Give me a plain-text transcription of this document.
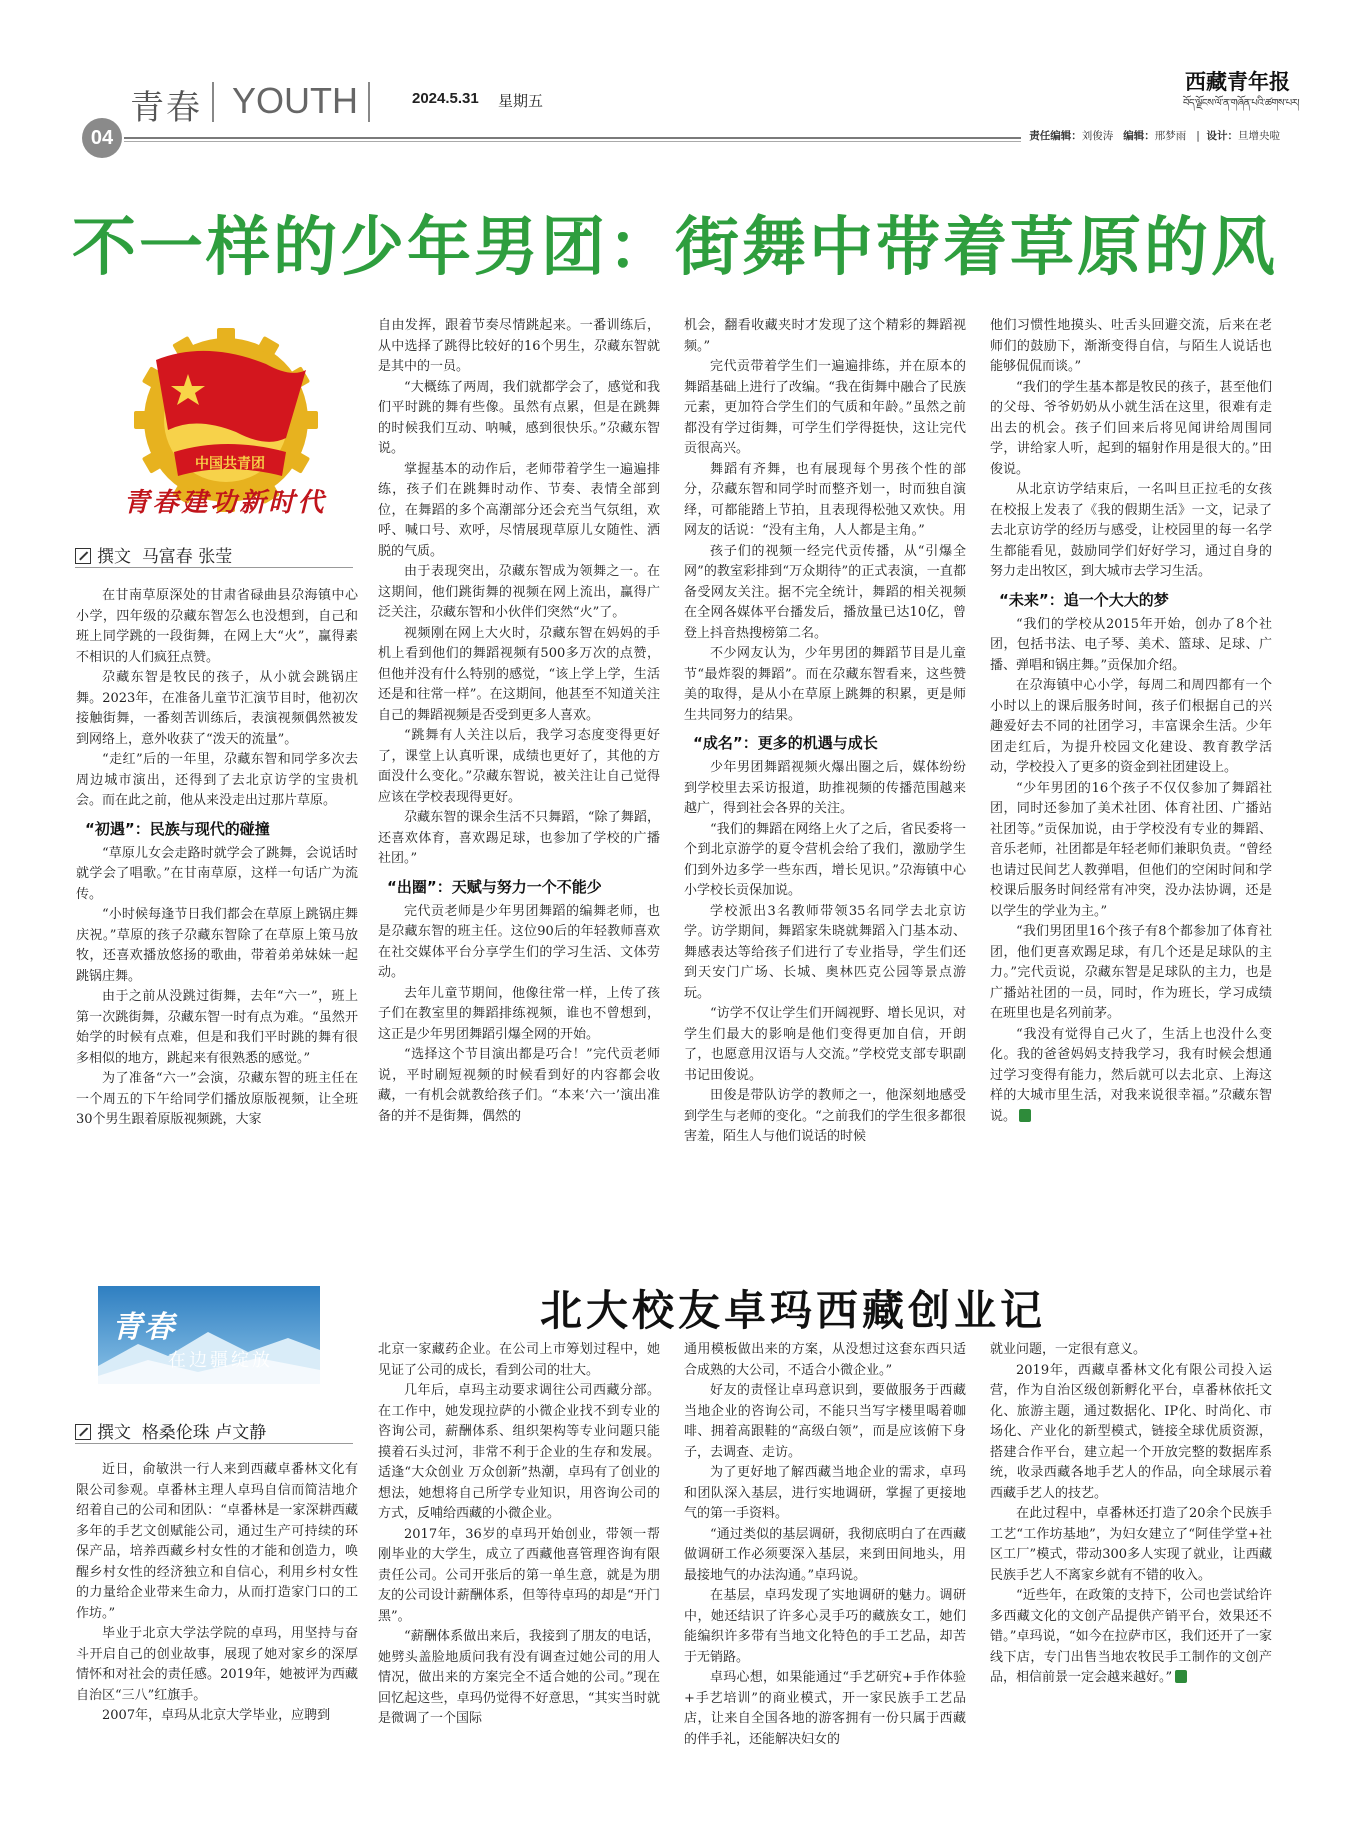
青春 YOUTH	2024.5.31 星期五
西藏青年报
བོད་ལྗོངས་ལོ་ན་གཞོན་པའི་ཚགས་པར།
04	责任编辑：刘俊涛 编辑：邢梦雨   |  设计：旦增央啦
不一样的少年男团：街舞中带着草原的风
中国共青团
青春建功新时代
撰文 马富春 张莹

在甘南草原深处的甘肃省碌曲县尕海镇中心小学，四年级的尕藏东智怎么也没想到，自己和班上同学跳的一段街舞，在网上大“火”，赢得素不相识的人们疯狂点赞。

尕藏东智是牧民的孩子，从小就会跳锅庄舞。2023年，在准备儿童节汇演节目时，他初次接触街舞，一番刻苦训练后，表演视频偶然被发到网络上，意外收获了“泼天的流量”。

“走红”后的一年里，尕藏东智和同学多次去周边城市演出，还得到了去北京访学的宝贵机会。而在此之前，他从来没走出过那片草原。

“初遇”：民族与现代的碰撞

“草原儿女会走路时就学会了跳舞，会说话时就学会了唱歌。”在甘南草原，这样一句话广为流传。

“小时候每逢节日我们都会在草原上跳锅庄舞庆祝。”草原的孩子尕藏东智除了在草原上策马放牧，还喜欢播放悠扬的歌曲，带着弟弟妹妹一起跳锅庄舞。

由于之前从没跳过街舞，去年“六一”，班上第一次跳街舞，尕藏东智一时有点为难。“虽然开始学的时候有点难，但是和我们平时跳的舞有很多相似的地方，跳起来有很熟悉的感觉。”

为了准备“六一”会演，尕藏东智的班主任在一个周五的下午给同学们播放原版视频，让全班30个男生跟着原版视频跳，大家

自由发挥，跟着节奏尽情跳起来。一番训练后，从中选择了跳得比较好的16个男生，尕藏东智就是其中的一员。

“大概练了两周，我们就都学会了，感觉和我们平时跳的舞有些像。虽然有点累，但是在跳舞的时候我们互动、呐喊，感到很快乐。”尕藏东智说。

掌握基本的动作后，老师带着学生一遍遍排练，孩子们在跳舞时动作、节奏、表情全部到位，在舞蹈的多个高潮部分还会充当气氛组，欢呼、喊口号、欢呼，尽情展现草原儿女随性、洒脱的气质。

由于表现突出，尕藏东智成为领舞之一。在这期间，他们跳街舞的视频在网上流出，赢得广泛关注，尕藏东智和小伙伴们突然“火”了。

视频刚在网上大火时，尕藏东智在妈妈的手机上看到他们的舞蹈视频有500多万次的点赞，但他并没有什么特别的感觉，“该上学上学，生活还是和往常一样”。在这期间，他甚至不知道关注自己的舞蹈视频是否受到更多人喜欢。

“跳舞有人关注以后，我学习态度变得更好了，课堂上认真听课，成绩也更好了，其他的方面没什么变化。”尕藏东智说，被关注让自己觉得应该在学校表现得更好。

尕藏东智的课余生活不只舞蹈，“除了舞蹈，还喜欢体育，喜欢踢足球，也参加了学校的广播社团。”

“出圈”：天赋与努力一个不能少

完代贡老师是少年男团舞蹈的编舞老师，也是尕藏东智的班主任。这位90后的年轻教师喜欢在社交媒体平台分享学生们的学习生活、文体劳动。

去年儿童节期间，他像往常一样，上传了孩子们在教室里的舞蹈排练视频，谁也不曾想到，这正是少年男团舞蹈引爆全网的开始。

“选择这个节目演出都是巧合！”完代贡老师说，平时刷短视频的时候看到好的内容都会收藏，一有机会就教给孩子们。“本来‘六一’演出准备的并不是街舞，偶然的

机会，翻看收藏夹时才发现了这个精彩的舞蹈视频。”

完代贡带着学生们一遍遍排练，并在原本的舞蹈基础上进行了改编。“我在街舞中融合了民族元素，更加符合学生们的气质和年龄。”虽然之前都没有学过街舞，可学生们学得挺快，这让完代贡很高兴。

舞蹈有齐舞，也有展现每个男孩个性的部分，尕藏东智和同学时而整齐划一，时而独自演绎，可都能踏上节拍，且表现得松弛又欢快。用网友的话说：“没有主角，人人都是主角。”

孩子们的视频一经完代贡传播，从“引爆全网”的教室彩排到“万众期待”的正式表演，一直都备受网友关注。据不完全统计，舞蹈的相关视频在全网各媒体平台播发后，播放量已达10亿，曾登上抖音热搜榜第二名。

不少网友认为，少年男团的舞蹈节目是儿童节“最炸裂的舞蹈”。而在尕藏东智看来，这些赞美的取得，是从小在草原上跳舞的积累，更是师生共同努力的结果。

“成名”：更多的机遇与成长

少年男团舞蹈视频火爆出圈之后，媒体纷纷到学校里去采访报道，助推视频的传播范围越来越广，得到社会各界的关注。

“我们的舞蹈在网络上火了之后，省民委将一个到北京游学的夏令营机会给了我们，激励学生们到外边多学一些东西，增长见识。”尕海镇中心小学校长贡保加说。

学校派出3名教师带领35名同学去北京访学。访学期间，舞蹈家朱晓就舞蹈入门基本动、舞感表达等给孩子们进行了专业指导，学生们还到天安门广场、长城、奥林匹克公园等景点游玩。

“访学不仅让学生们开阔视野、增长见识，对学生们最大的影响是他们变得更加自信，开朗了，也愿意用汉语与人交流。”学校党支部专职副书记田俊说。

田俊是带队访学的教师之一，他深刻地感受到学生与老师的变化。“之前我们的学生很多都很害羞，陌生人与他们说话的时候

他们习惯性地摸头、吐舌头回避交流，后来在老师们的鼓励下，渐渐变得自信，与陌生人说话也能够侃侃而谈。”

“我们的学生基本都是牧民的孩子，甚至他们的父母、爷爷奶奶从小就生活在这里，很难有走出去的机会。孩子们回来后将见闻讲给周围同学，讲给家人听，起到的辐射作用是很大的。”田俊说。

从北京访学结束后，一名叫旦正拉毛的女孩在校报上发表了《我的假期生活》一文，记录了去北京访学的经历与感受，让校园里的每一名学生都能看见，鼓励同学们好好学习，通过自身的努力走出牧区，到大城市去学习生活。

“未来”：追一个大大的梦

“我们的学校从2015年开始，创办了8个社团，包括书法、电子琴、美术、篮球、足球、广播、弹唱和锅庄舞。”贡保加介绍。

在尕海镇中心小学，每周二和周四都有一个小时以上的课后服务时间，孩子们根据自己的兴趣爱好去不同的社团学习，丰富课余生活。少年团走红后，为提升校园文化建设、教育教学活动，学校投入了更多的资金到社团建设上。

“少年男团的16个孩子不仅仅参加了舞蹈社团，同时还参加了美术社团、体育社团、广播站社团等。”贡保加说，由于学校没有专业的舞蹈、音乐老师，社团都是年轻老师们兼职负责。“曾经也请过民间艺人教弹唱，但他们的空闲时间和学校课后服务时间经常有冲突，没办法协调，还是以学生的学业为主。”

“我们男团里16个孩子有8个都参加了体育社团，他们更喜欢踢足球，有几个还是足球队的主力。”完代贡说，尕藏东智是足球队的主力，也是广播站社团的一员，同时，作为班长，学习成绩在班里也是名列前茅。

“我没有觉得自己火了，生活上也没什么变化。我的爸爸妈妈支持我学习，我有时候会想通过学习变得有能力，然后就可以去北京、上海这样的大城市里生活，对我来说很幸福。”尕藏东智说。

青春
在边疆绽放
北大校友卓玛西藏创业记
撰文 格桑伦珠 卢文静

近日，俞敏洪一行人来到西藏卓番林文化有限公司参观。卓番林主理人卓玛自信而简洁地介绍着自己的公司和团队：“卓番林是一家深耕西藏多年的手艺文创赋能公司，通过生产可持续的环保产品，培养西藏乡村女性的才能和创造力，唤醒乡村女性的经济独立和自信心，利用乡村女性的力量给企业带来生命力，从而打造家门口的工作坊。”

毕业于北京大学法学院的卓玛，用坚持与奋斗开启自己的创业故事，展现了她对家乡的深厚情怀和对社会的责任感。2019年，她被评为西藏自治区“三八”红旗手。

2007年，卓玛从北京大学毕业，应聘到

北京一家藏药企业。在公司上市筹划过程中，她见证了公司的成长，看到公司的壮大。

几年后，卓玛主动要求调往公司西藏分部。在工作中，她发现拉萨的小微企业找不到专业的咨询公司，薪酬体系、组织架构等专业问题只能摸着石头过河，非常不利于企业的生存和发展。适逢“大众创业 万众创新”热潮，卓玛有了创业的想法，她想将自己所学专业知识，用咨询公司的方式，反哺给西藏的小微企业。

2017年，36岁的卓玛开始创业，带领一帮刚毕业的大学生，成立了西藏他喜管理咨询有限责任公司。公司开张后的第一单生意，就是为朋友的公司设计薪酬体系，但等待卓玛的却是“开门黑”。

“薪酬体系做出来后，我接到了朋友的电话，她劈头盖脸地质问我有没有调查过她公司的用人情况，做出来的方案完全不适合她的公司。”现在回忆起这些，卓玛仍觉得不好意思，“其实当时就是微调了一个国际

通用模板做出来的方案，从没想过这套东西只适合成熟的大公司，不适合小微企业。”

好友的责怪让卓玛意识到，要做服务于西藏当地企业的咨询公司，不能只当写字楼里喝着咖啡、拥着高跟鞋的“高级白领”，而是应该俯下身子，去调查、走访。

为了更好地了解西藏当地企业的需求，卓玛和团队深入基层，进行实地调研，掌握了更接地气的第一手资料。

“通过类似的基层调研，我彻底明白了在西藏做调研工作必须要深入基层，来到田间地头，用最接地气的办法沟通。”卓玛说。

在基层，卓玛发现了实地调研的魅力。调研中，她还结识了许多心灵手巧的藏族女工，她们能编织许多带有当地文化特色的手工艺品，却苦于无销路。

卓玛心想，如果能通过“手艺研究+手作体验+手艺培训”的商业模式，开一家民族手工艺品店，让来自全国各地的游客拥有一份只属于西藏的伴手礼，还能解决妇女的

就业问题，一定很有意义。

2019年，西藏卓番林文化有限公司投入运营，作为自治区级创新孵化平台，卓番林依托文化、旅游主题，通过数据化、IP化、时尚化、市场化、产业化的新型模式，链接全球优质资源，搭建合作平台，建立起一个开放完整的数据库系统，收录西藏各地手艺人的作品，向全球展示着西藏手艺人的技艺。

在此过程中，卓番林还打造了20余个民族手工艺“工作坊基地”，为妇女建立了“阿佳学堂+社区工厂”模式，带动300多人实现了就业，让西藏民族手艺人不离家乡就有不错的收入。

“近些年，在政策的支持下，公司也尝试给许多西藏文化的文创产品提供产销平台，效果还不错。”卓玛说，“如今在拉萨市区，我们还开了一家线下店，专门出售当地农牧民手工制作的文创产品，相信前景一定会越来越好。”
